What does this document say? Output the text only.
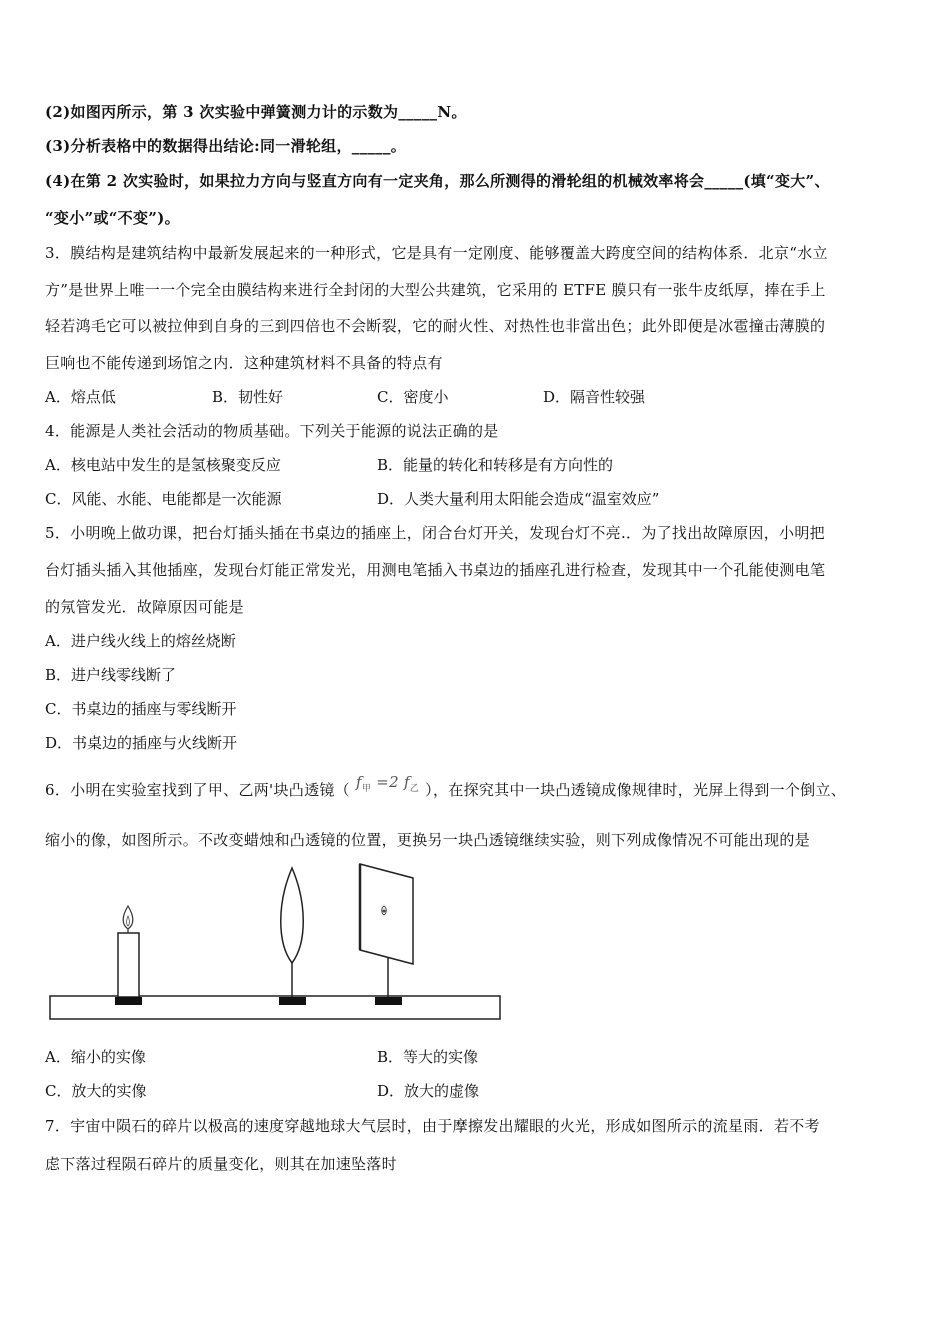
(2)如图丙所示，第 3 次实验中弹簧测力计的示数为_____N。
(3)分析表格中的数据得出结论:同一滑轮组，_____。
(4)在第 2 次实验时，如果拉力方向与竖直方向有一定夹角，那么所测得的滑轮组的机械效率将会_____(填“变大”、
“变小”或“不变”)。
3．膜结构是建筑结构中最新发展起来的一种形式，它是具有一定刚度、能够覆盖大跨度空间的结构体系．北京“水立
方”是世界上唯一一个完全由膜结构来进行全封闭的大型公共建筑，它采用的 ETFE 膜只有一张牛皮纸厚，捧在手上
轻若鸿毛它可以被拉伸到自身的三到四倍也不会断裂，它的耐火性、对热性也非當出色；此外即便是冰雹撞击薄膜的
巨响也不能传递到场馆之内．这种建筑材料不具备的特点有
A．熔点低	B．韧性好	C．密度小	D．隔音性较强
4．能源是人类社会活动的物质基础。下列关于能源的说法正确的是
A．核电站中发生的是氢核聚变反应	B．能量的转化和转移是有方向性的
C．风能、水能、电能都是一次能源	D．人类大量利用太阳能会造成“温室效应”
5．小明晚上做功课，把台灯插头插在书桌边的插座上，闭合台灯开关，发现台灯不亮.．为了找出故障原因，小明把
台灯插头插入其他插座，发现台灯能正常发光，用测电笔插入书桌边的插座孔进行检查，发现其中一个孔能使测电笔
的氖管发光．故障原因可能是
A．进户线火线上的熔丝烧断
B．进户线零线断了
C．书桌边的插座与零线断开
D．书桌边的插座与火线断开
6．小明在实验室找到了甲、乙两'块凸透镜（ $f_甲 =2$ $f_乙$ ），在探究其中一块凸透镜成像规律时，光屏上得到一个倒立、
缩小的像，如图所示。不改变蜡烛和凸透镜的位置，更换另一块凸透镜继续实验，则下列成像情况不可能出现的是
A．缩小的实像	B．等大的实像
C．放大的实像	D．放大的虚像
7．宇宙中陨石的碎片以极高的速度穿越地球大气层时，由于摩擦发出耀眼的火光，形成如图所示的流星雨．若不考
虑下落过程陨石碎片的质量变化，则其在加速坠落时
